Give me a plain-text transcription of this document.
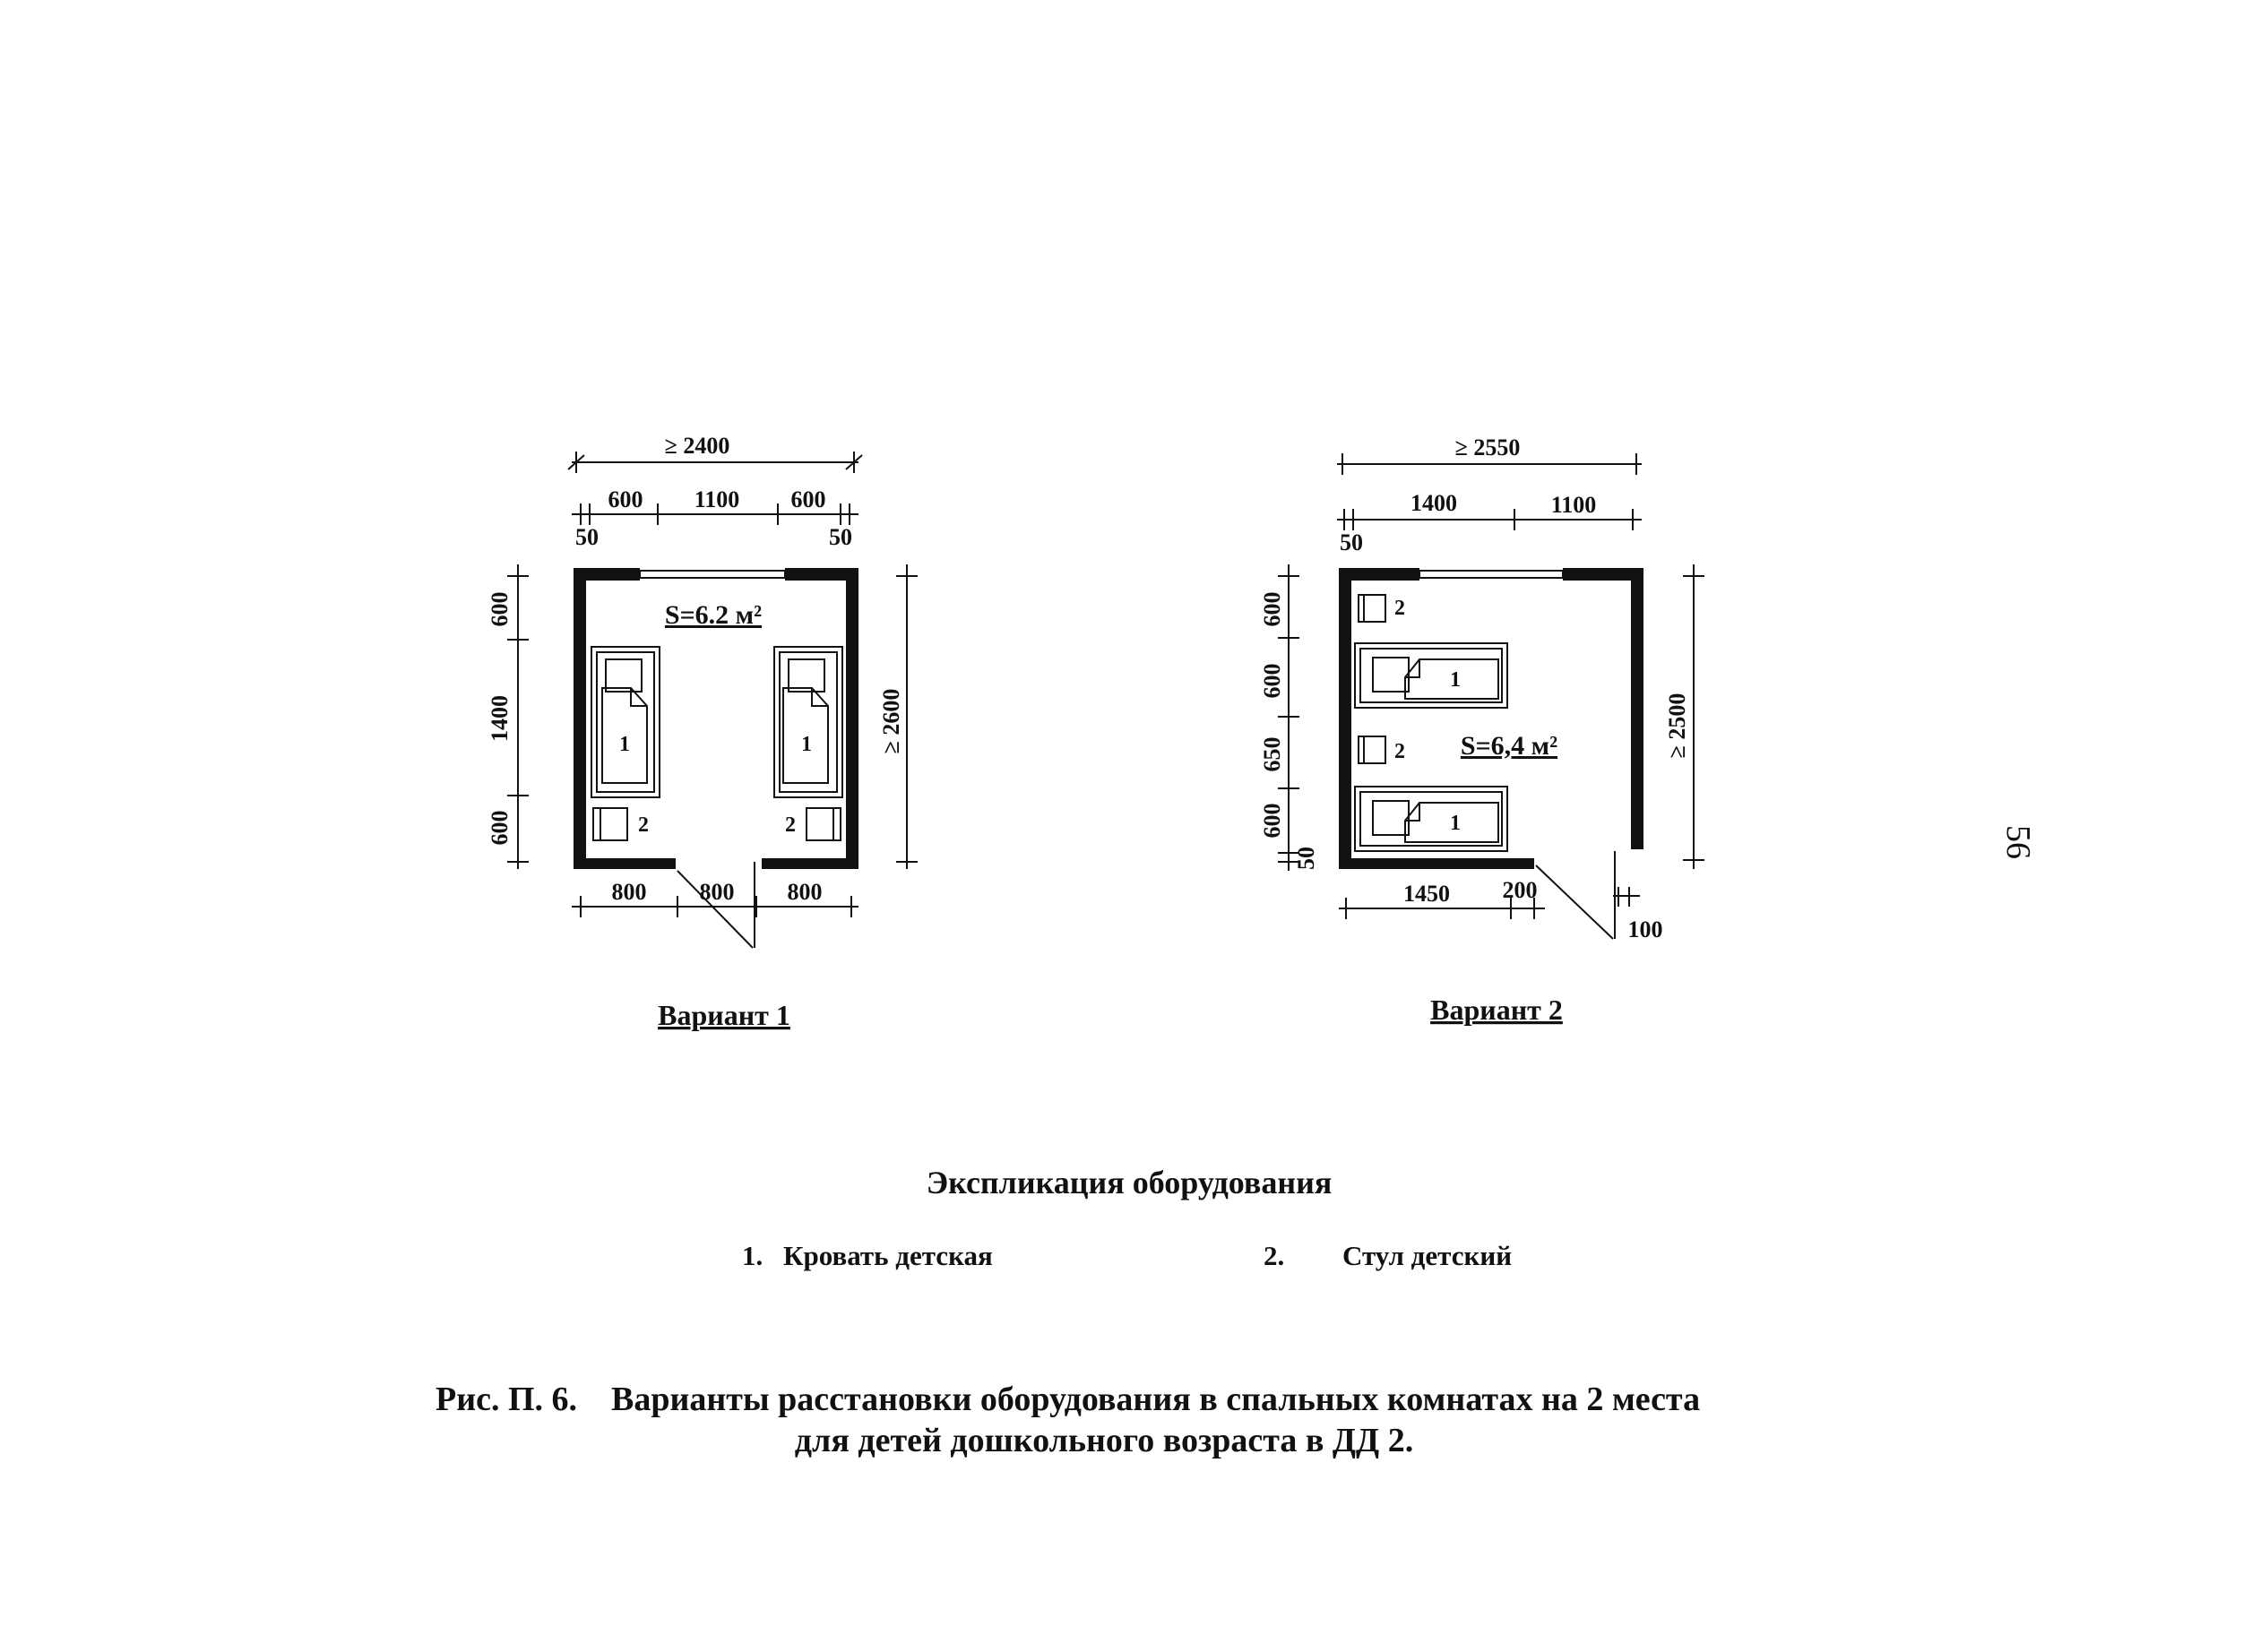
≥ 2400
600 1100 600
50	50
S=6.2 м²
1	1
2	2
600
1400
600
≥ 2600
800 800 800
Вариант 1
≥ 2550
1400	1100
50
2
1
2 S=6,4 м²
1
600
600
650
600
50
≥ 2500
1450 200
100
Вариант 2
Экспликация оборудования
1. Кровать детская	2. Стул детский
Рис. П. 6.    Варианты расстановки оборудования в спальных комнатах на 2 места
для детей дошкольного возраста в ДД 2.
56
